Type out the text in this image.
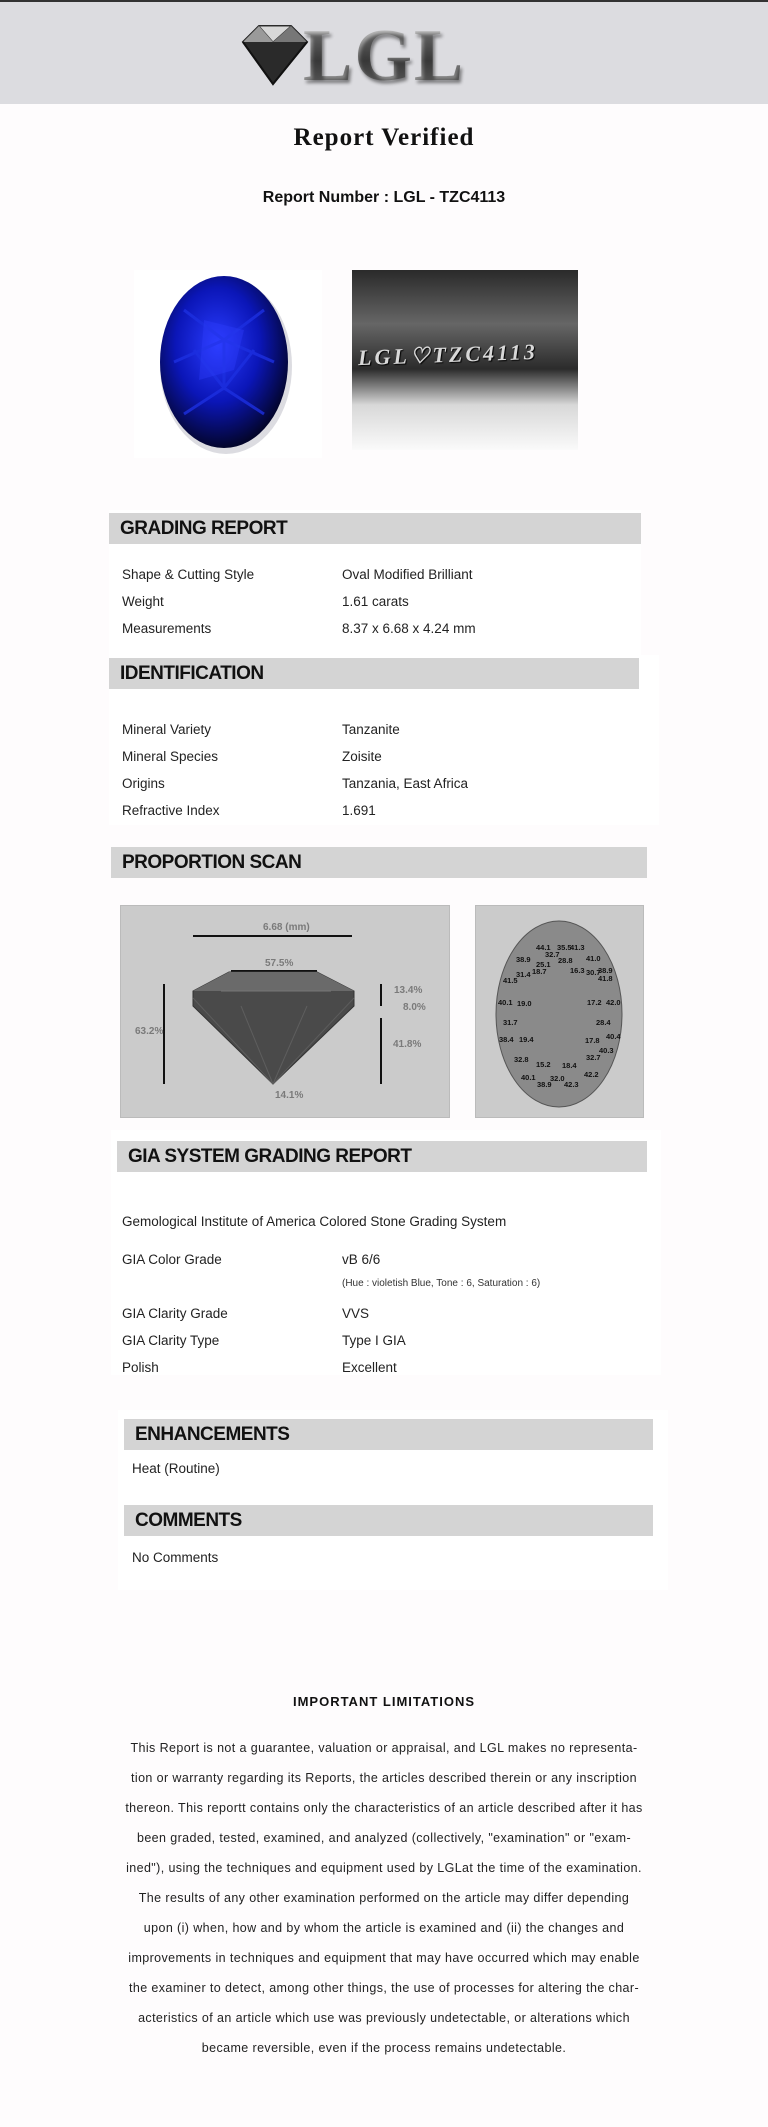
LGL
Report Verified
Report Number : LGL - TZC4113
LGL♡TZC4113
GRADING REPORT
Shape & Cutting Style	Oval Modified Brilliant
Weight	1.61 carats
Measurements	8.37 x 6.68 x 4.24 mm
IDENTIFICATION
Mineral Variety	Tanzanite
Mineral Species	Zoisite
Origins	Tanzania, East Africa
Refractive Index	1.691
PROPORTION SCAN
6.68 (mm)
57.5%
63.2%
13.4%
8.0%
41.8%
14.1%
44.1 35.5
41.3
32.7
38.9	28.8 41.0
25.1
18.7	16.3 30.7
38.9
31.4
41.5	41.8
40.1 19.0	17.2 42.0
31.7	28.4
38.4 19.4	17.8 40.4
32.8
40.3
32.7
15.2 18.4
40.1 32.0	42.2
38.9 42.3
GIA SYSTEM GRADING REPORT
Gemological Institute of America Colored Stone Grading System
GIA Color Grade	vB 6/6
(Hue : violetish Blue, Tone : 6, Saturation : 6)
GIA Clarity Grade	VVS
GIA Clarity Type	Type I GIA
Polish	Excellent
ENHANCEMENTS
Heat (Routine)
COMMENTS
No Comments
IMPORTANT LIMITATIONS
This Report is not a guarantee, valuation or appraisal, and LGL makes no representa-
tion or warranty regarding its Reports, the articles described therein or any inscription
thereon. This reportt contains only the characteristics of an article described after it has
been graded, tested, examined, and analyzed (collectively, "examination" or "exam-
ined"), using the techniques and equipment used by LGLat the time of the examination.
The results of any other examination performed on the article may differ depending
upon (i) when, how and by whom the article is examined and (ii) the changes and
improvements in techniques and equipment that may have occurred which may enable
the examiner to detect, among other things, the use of processes for altering the char-
acteristics of an article which use was previously undetectable, or alterations which
became reversible, even if the process remains undetectable.
